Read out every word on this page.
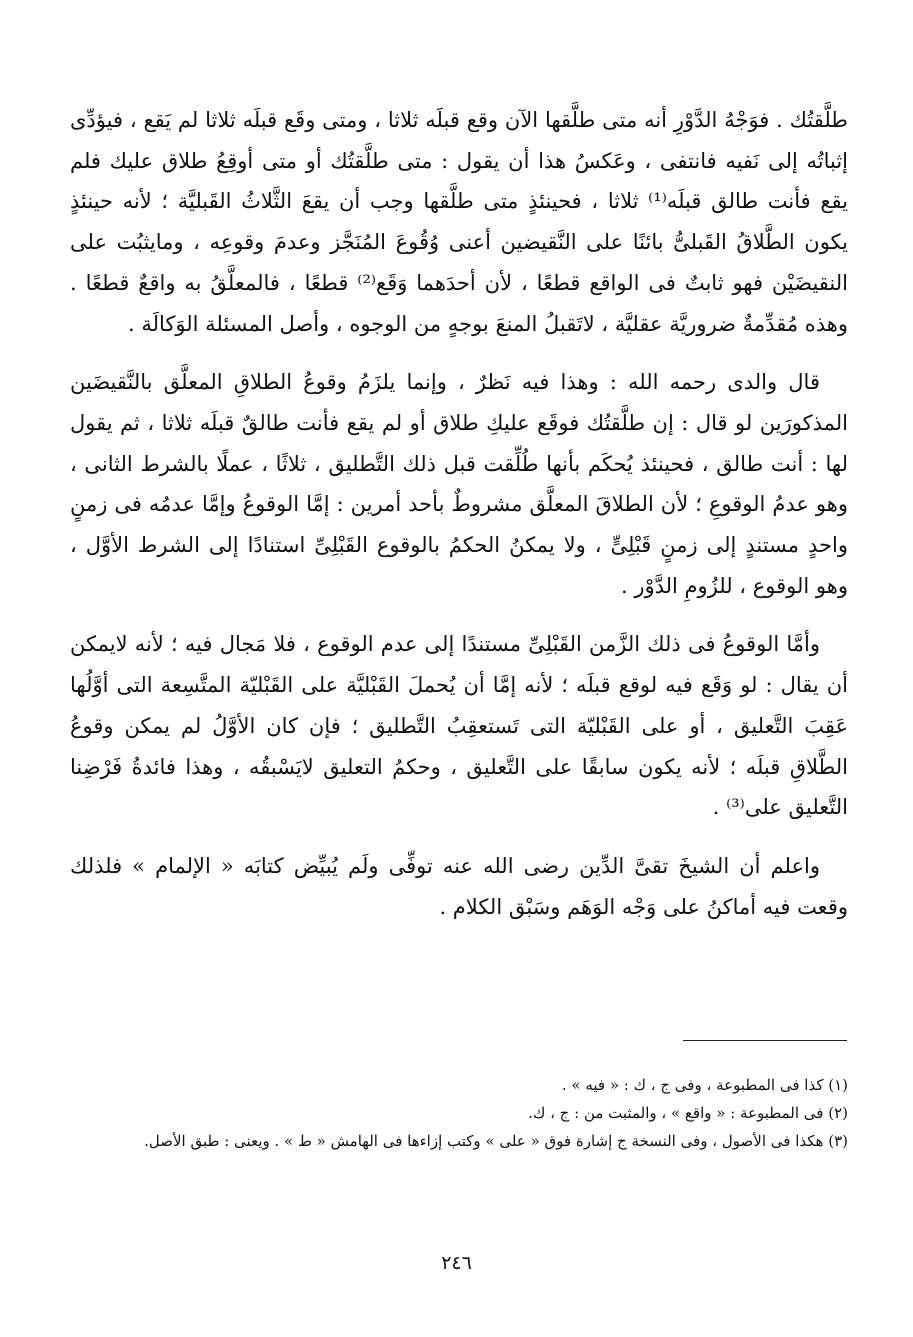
طلَّقتُك . فوَجْهُ الدَّوْرِ أنه متى طلَّقها الآن وقع قبلَه ثلاثا ، ومتى وقَع قبلَه ثلاثا لم يَقع ، فيؤدِّى إثباتُه إلى نَفيه فانتفى ، وعَكسُ هذا أن يقول : متى طلَّقتُك أو متى أوقِعُ طلاق عليك فلم يقع فأنت طالق قبلَه⁽¹⁾ ثلاثا ، فحينئذٍ متى طلَّقها وجب أن يقعَ الثَّلاثُ القَبليَّة ؛ لأنه حينئذٍ يكون الطَّلاقُ القَبلىُّ بائنًا على النَّقيضين أعنى وُقُوعَ المُنَجَّز وعدمَ وقوعِه ، ومايثبُت على النقيضَيْن فهو ثابتٌ فى الواقع قطعًا ، لأن أحدَهما وَقَع⁽²⁾ قطعًا ، فالمعلَّقُ به واقعٌ قطعًا . وهذه مُقدِّمةٌ ضروريَّة عقليَّة ، لاتَقبلُ المنعَ بوجهٍ من الوجوه ، وأصل المسئلة الوَكالَة .

قال والدى رحمه الله : وهذا فيه نَظرٌ ، وإنما يلزَمُ وقوعُ الطلاقِ المعلَّق بالنَّقيضَين المذكورَين لو قال : إن طلَّقتُك فوقَع عليكِ طلاق أو لم يقع فأنت طالقٌ قبلَه ثلاثا ، ثم يقول لها : أنت طالق ، فحينئذ يُحكَم بأنها طُلِّقت قبل ذلك التَّطليق ، ثلاثًا ، عملًا بالشرط الثانى ، وهو عدمُ الوقوعِ ؛ لأن الطلاقَ المعلَّق مشروطٌ بأحد أمرين : إمَّا الوقوعُ وإمَّا عدمُه فى زمنٍ واحدٍ مستندٍ إلى زمنٍ قَبْلِىٍّ ، ولا يمكنُ الحكمُ بالوقوع القَبْلِىِّ استنادًا إلى الشرط الأوَّل ، وهو الوقوع ، للزُومِ الدَّوْر .

وأمَّا الوقوعُ فى ذلك الزَّمن القَبْلِىِّ مستندًا إلى عدم الوقوع ، فلا مَجال فيه ؛ لأنه لايمكن أن يقال : لو وَقَع فيه لوقع قبلَه ؛ لأنه إمَّا أن يُحملَ القَبْليَّة على القَبْليّة المتَّسِعة التى أوَّلُها عَقِبَ التَّعليق ، أو على القَبْليّة التى تَستعقِبُ التَّطليق ؛ فإن كان الأوَّلُ لم يمكن وقوعُ الطَّلاقِ قبلَه ؛ لأنه يكون سابقًا على التَّعليق ، وحكمُ التعليق لايَسْبقُه ، وهذا فائدةُ فَرْضِنا التَّعليق على⁽³⁾ .

واعلم أن الشيخَ تقىَّ الدِّين رضى الله عنه توفِّى ولَم يُبيِّض كتابَه « الإلمام » فلذلك وقعت فيه أماكنُ على وَجْه الوَهَم وسَبْق الكلام .

(١) كذا فى المطبوعة ، وفى ج ، ك : « فيه » .

(٢) فى المطبوعة : « واقع » ، والمثبت من : ج ، ك.

(٣) هكذا فى الأصول ، وفى النسخة ج إشارة فوق « على » وكتب إزاءها فى الهامش « ط » . ويعنى : طبق الأصل.

٢٤٦
